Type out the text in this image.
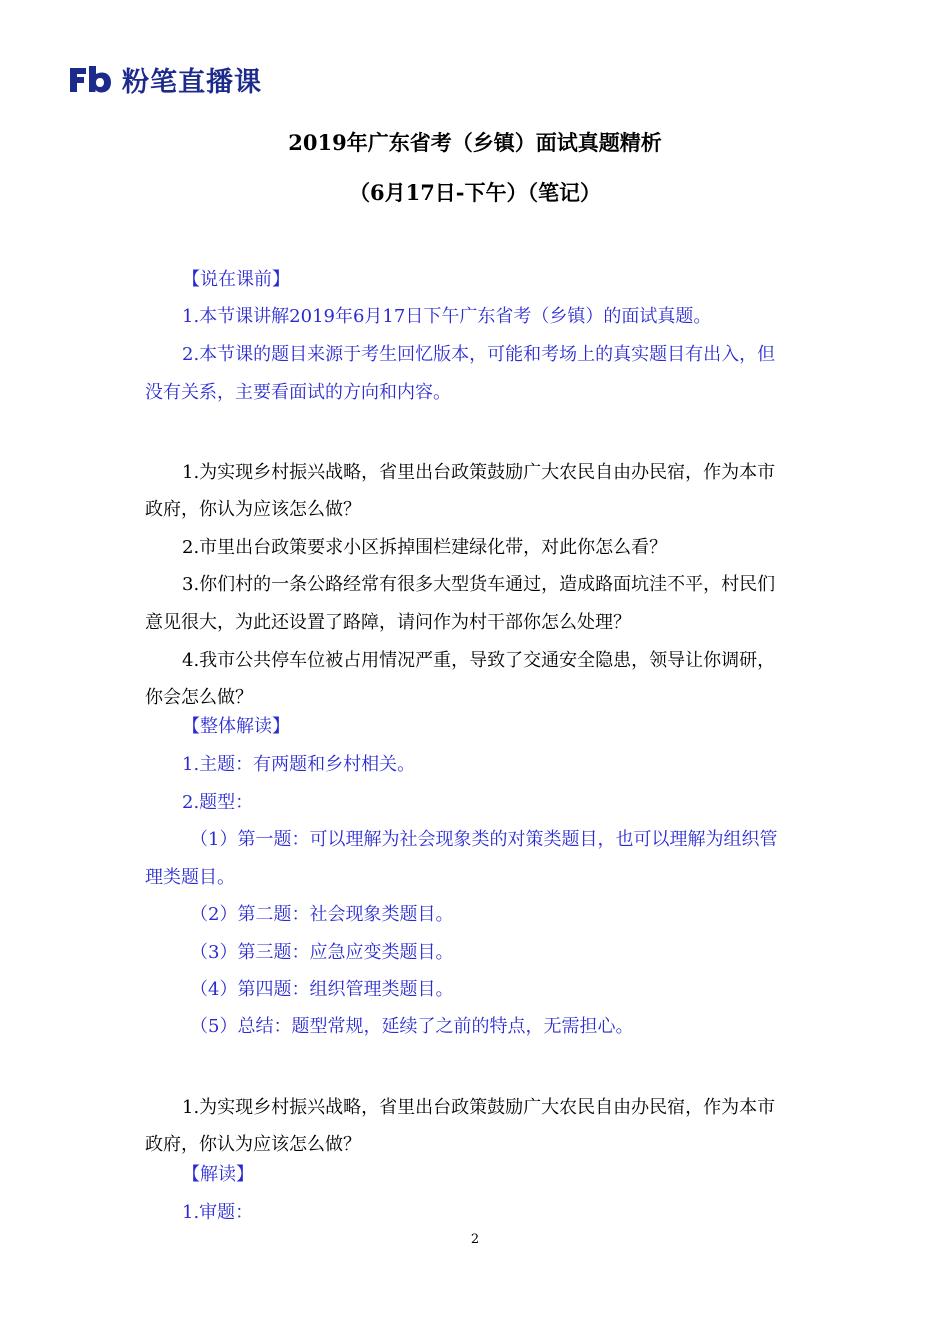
粉笔直播课
2019年广东省考（乡镇）面试真题精析
（6月17日-下午）（笔记）
【说在课前】
1.本节课讲解2019年6月17日下午广东省考（乡镇）的面试真题。
2.本节课的题目来源于考生回忆版本，可能和考场上的真实题目有出入，但
没有关系，主要看面试的方向和内容。
1.为实现乡村振兴战略，省里出台政策鼓励广大农民自由办民宿，作为本市
政府，你认为应该怎么做？
2.市里出台政策要求小区拆掉围栏建绿化带，对此你怎么看？
3.你们村的一条公路经常有很多大型货车通过，造成路面坑洼不平，村民们
意见很大，为此还设置了路障，请问作为村干部你怎么处理？
4.我市公共停车位被占用情况严重，导致了交通安全隐患，领导让你调研，
你会怎么做？
【整体解读】
1.主题：有两题和乡村相关。
2.题型：
（1）第一题：可以理解为社会现象类的对策类题目，也可以理解为组织管
理类题目。
（2）第二题：社会现象类题目。
（3）第三题：应急应变类题目。
（4）第四题：组织管理类题目。
（5）总结：题型常规，延续了之前的特点，无需担心。
1.为实现乡村振兴战略，省里出台政策鼓励广大农民自由办民宿，作为本市
政府，你认为应该怎么做？
【解读】
1.审题：
2
